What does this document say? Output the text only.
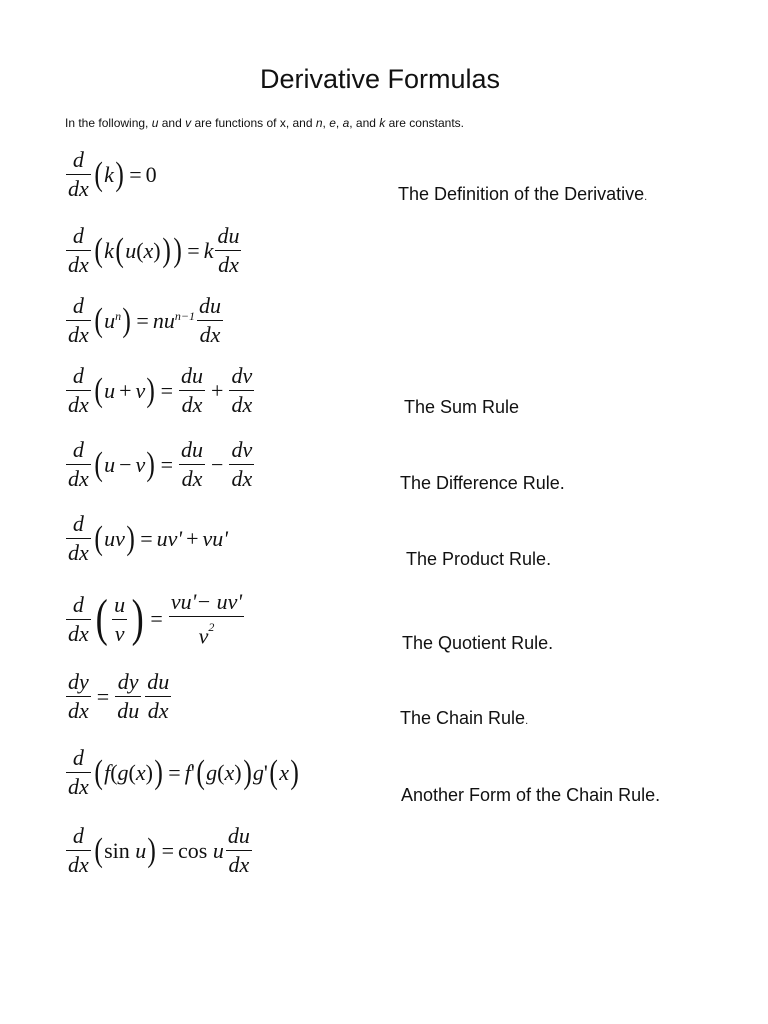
Derivative Formulas
In the following, u and v are functions of x, and n, e, a, and k are constants.
$\frac{d}{dx}$ ( k ) = 0
$\frac{d}{dx}$ ( k ( u ( x ) ) ) = k $\frac{du}{dx}$
$\frac{d}{dx}$ ( $u^n$ ) = n $u^{n-1} \frac{du}{dx}$
$\frac{d}{dx}$ ( u + v ) = $\frac{du}{dx} + \frac{dv}{dx}$
$\frac{d}{dx}$ ( u − v ) = $\frac{du}{dx} - \frac{dv}{dx}$
$\frac{d}{dx}$ ( u v ) = uv' + vu'
$\frac{d}{dx}$ ( $\frac{u}{v}$ ) = $\frac{vu'- uv'}{v^2}$
$\frac{dy}{dx} = \frac{dy}{du} \frac{du}{dx}$
$\frac{d}{dx}$ ( f ( g ( x ) ) = f ' ( g ( x ) ) g ' ( x )
$\frac{d}{dx}$ ( sin
u ) = cos
u $\frac{du}{dx}$
The Definition of the Derivative.
The Sum Rule
The Difference Rule.
The Product Rule.
The Quotient Rule.
The Chain Rule.
Another Form of the Chain Rule.
